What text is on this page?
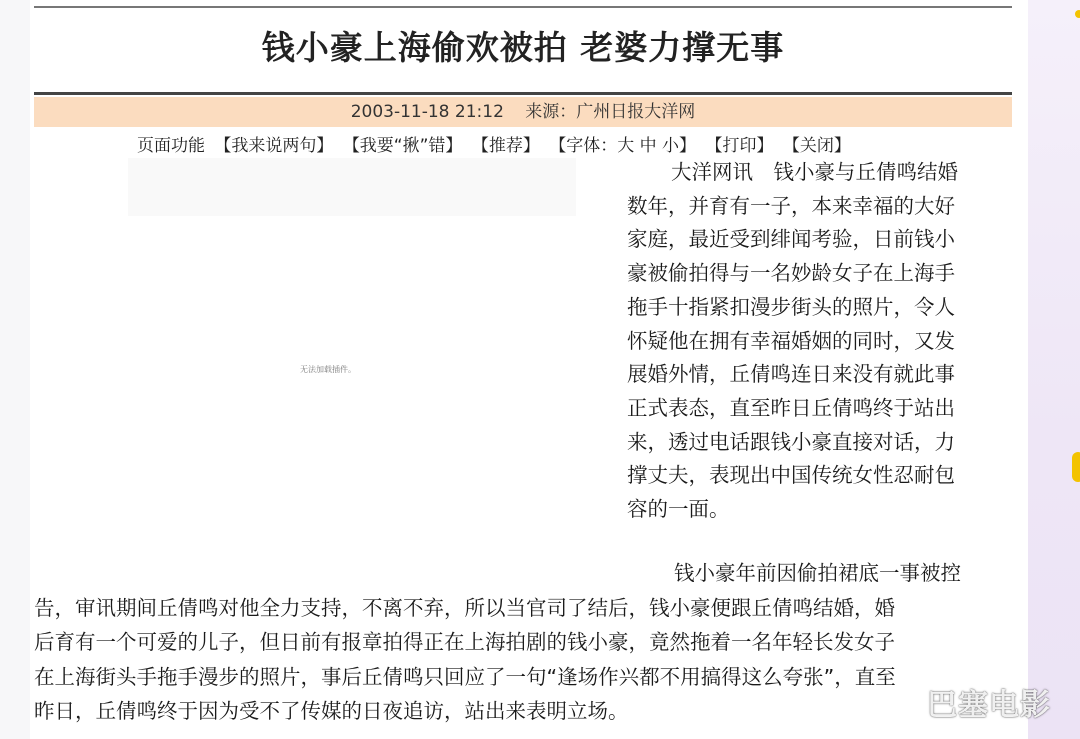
钱小豪上海偷欢被拍 老婆力撑无事
2003-11-18 21:12 来源：广州日报大洋网
页面功能 【我来说两句】 【我要“揪”错】 【推荐】 【字体：大 中 小】 【打印】 【关闭】
无法加载插件。
大洋网讯　钱小豪与丘倩鸣结婚
数年，并育有一子，本来幸福的大好
家庭，最近受到绯闻考验，日前钱小
豪被偷拍得与一名妙龄女子在上海手
拖手十指紧扣漫步街头的照片，令人
怀疑他在拥有幸福婚姻的同时，又发
展婚外情，丘倩鸣连日来没有就此事
正式表态，直至昨日丘倩鸣终于站出
来，透过电话跟钱小豪直接对话，力
撑丈夫，表现出中国传统女性忍耐包
容的一面。
钱小豪年前因偷拍裙底一事被控
告，审讯期间丘倩鸣对他全力支持，不离不弃，所以当官司了结后，钱小豪便跟丘倩鸣结婚，婚
后育有一个可爱的儿子，但日前有报章拍得正在上海拍剧的钱小豪，竟然拖着一名年轻长发女子
在上海街头手拖手漫步的照片，事后丘倩鸣只回应了一句“逢场作兴都不用搞得这么夸张”，直至
昨日，丘倩鸣终于因为受不了传媒的日夜追访，站出来表明立场。	巴塞电影
